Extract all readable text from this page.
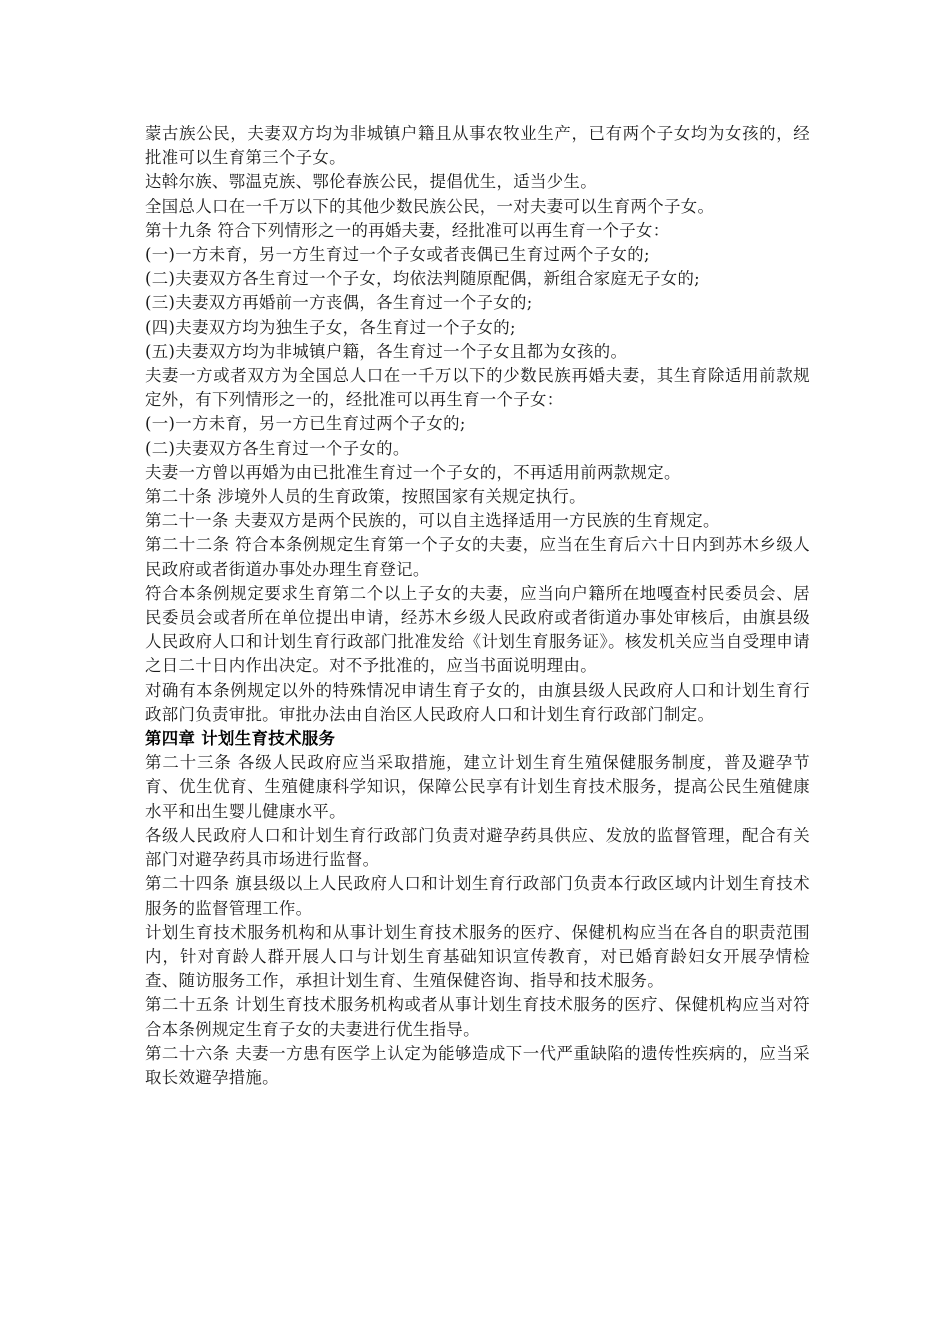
蒙古族公民，夫妻双方均为非城镇户籍且从事农牧业生产，已有两个子女均为女孩的，经批准可以生育第三个子女。

达斡尔族、鄂温克族、鄂伦春族公民，提倡优生，适当少生。

全国总人口在一千万以下的其他少数民族公民，一对夫妻可以生育两个子女。

第十九条 符合下列情形之一的再婚夫妻，经批准可以再生育一个子女：

(一)一方未育，另一方生育过一个子女或者丧偶已生育过两个子女的;

(二)夫妻双方各生育过一个子女，均依法判随原配偶，新组合家庭无子女的;

(三)夫妻双方再婚前一方丧偶，各生育过一个子女的;

(四)夫妻双方均为独生子女，各生育过一个子女的;

(五)夫妻双方均为非城镇户籍，各生育过一个子女且都为女孩的。

夫妻一方或者双方为全国总人口在一千万以下的少数民族再婚夫妻，其生育除适用前款规定外，有下列情形之一的，经批准可以再生育一个子女：

(一)一方未育，另一方已生育过两个子女的;

(二)夫妻双方各生育过一个子女的。

夫妻一方曾以再婚为由已批准生育过一个子女的，不再适用前两款规定。

第二十条 涉境外人员的生育政策，按照国家有关规定执行。

第二十一条 夫妻双方是两个民族的，可以自主选择适用一方民族的生育规定。

第二十二条 符合本条例规定生育第一个子女的夫妻，应当在生育后六十日内到苏木乡级人民政府或者街道办事处办理生育登记。

符合本条例规定要求生育第二个以上子女的夫妻，应当向户籍所在地嘎查村民委员会、居民委员会或者所在单位提出申请，经苏木乡级人民政府或者街道办事处审核后，由旗县级人民政府人口和计划生育行政部门批准发给《计划生育服务证》。核发机关应当自受理申请之日二十日内作出决定。对不予批准的，应当书面说明理由。

对确有本条例规定以外的特殊情况申请生育子女的，由旗县级人民政府人口和计划生育行政部门负责审批。审批办法由自治区人民政府人口和计划生育行政部门制定。

第四章 计划生育技术服务

第二十三条 各级人民政府应当采取措施，建立计划生育生殖保健服务制度，普及避孕节育、优生优育、生殖健康科学知识，保障公民享有计划生育技术服务，提高公民生殖健康水平和出生婴儿健康水平。

各级人民政府人口和计划生育行政部门负责对避孕药具供应、发放的监督管理，配合有关部门对避孕药具市场进行监督。

第二十四条 旗县级以上人民政府人口和计划生育行政部门负责本行政区域内计划生育技术服务的监督管理工作。

计划生育技术服务机构和从事计划生育技术服务的医疗、保健机构应当在各自的职责范围内，针对育龄人群开展人口与计划生育基础知识宣传教育，对已婚育龄妇女开展孕情检查、随访服务工作，承担计划生育、生殖保健咨询、指导和技术服务。

第二十五条 计划生育技术服务机构或者从事计划生育技术服务的医疗、保健机构应当对符合本条例规定生育子女的夫妻进行优生指导。

第二十六条 夫妻一方患有医学上认定为能够造成下一代严重缺陷的遗传性疾病的，应当采取长效避孕措施。
